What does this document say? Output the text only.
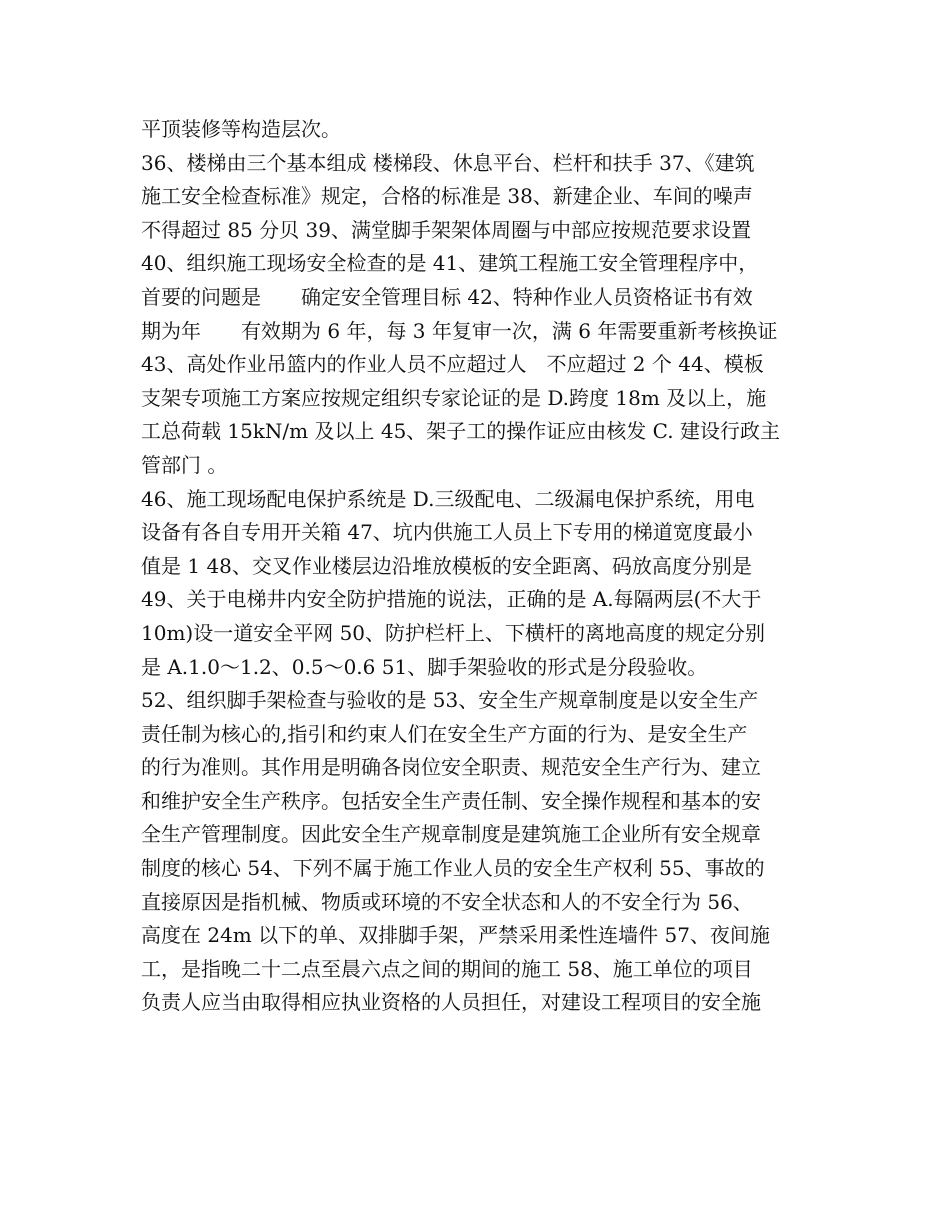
平顶装修等构造层次。
36、楼梯由三个基本组成 楼梯段、休息平台、栏杆和扶手 37、《建筑
施工安全检查标准》规定，合格的标准是 38、新建企业、车间的噪声
不得超过 85 分贝 39、满堂脚手架架体周圈与中部应按规范要求设置
40、组织施工现场安全检查的是 41、建筑工程施工安全管理程序中，
首要的问题是　　确定安全管理目标 42、特种作业人员资格证书有效
期为年　　有效期为 6 年，每 3 年复审一次，满 6 年需要重新考核换证
43、高处作业吊篮内的作业人员不应超过人　不应超过 2 个 44、模板
支架专项施工方案应按规定组织专家论证的是 D.跨度 18m 及以上，施
工总荷载 15kN/m 及以上 45、架子工的操作证应由核发 C. 建设行政主
管部门 。
46、施工现场配电保护系统是 D.三级配电、二级漏电保护系统，用电
设备有各自专用开关箱 47、坑内供施工人员上下专用的梯道宽度最小
值是 1 48、交叉作业楼层边沿堆放模板的安全距离、码放高度分别是
49、关于电梯井内安全防护措施的说法，正确的是 A.每隔两层(不大于
10m)设一道安全平网 50、防护栏杆上、下横杆的离地高度的规定分别
是 A.1.0～1.2、0.5～0.6 51、脚手架验收的形式是分段验收。
52、组织脚手架检查与验收的是 53、安全生产规章制度是以安全生产
责任制为核心的,指引和约束人们在安全生产方面的行为、是安全生产
的行为准则。其作用是明确各岗位安全职责、规范安全生产行为、建立
和维护安全生产秩序。包括安全生产责任制、安全操作规程和基本的安
全生产管理制度。因此安全生产规章制度是建筑施工企业所有安全规章
制度的核心 54、下列不属于施工作业人员的安全生产权利 55、事故的
直接原因是指机械、物质或环境的不安全状态和人的不安全行为 56、
高度在 24m 以下的单、双排脚手架，严禁采用柔性连墙件 57、夜间施
工，是指晚二十二点至晨六点之间的期间的施工 58、施工单位的项目
负责人应当由取得相应执业资格的人员担任，对建设工程项目的安全施
